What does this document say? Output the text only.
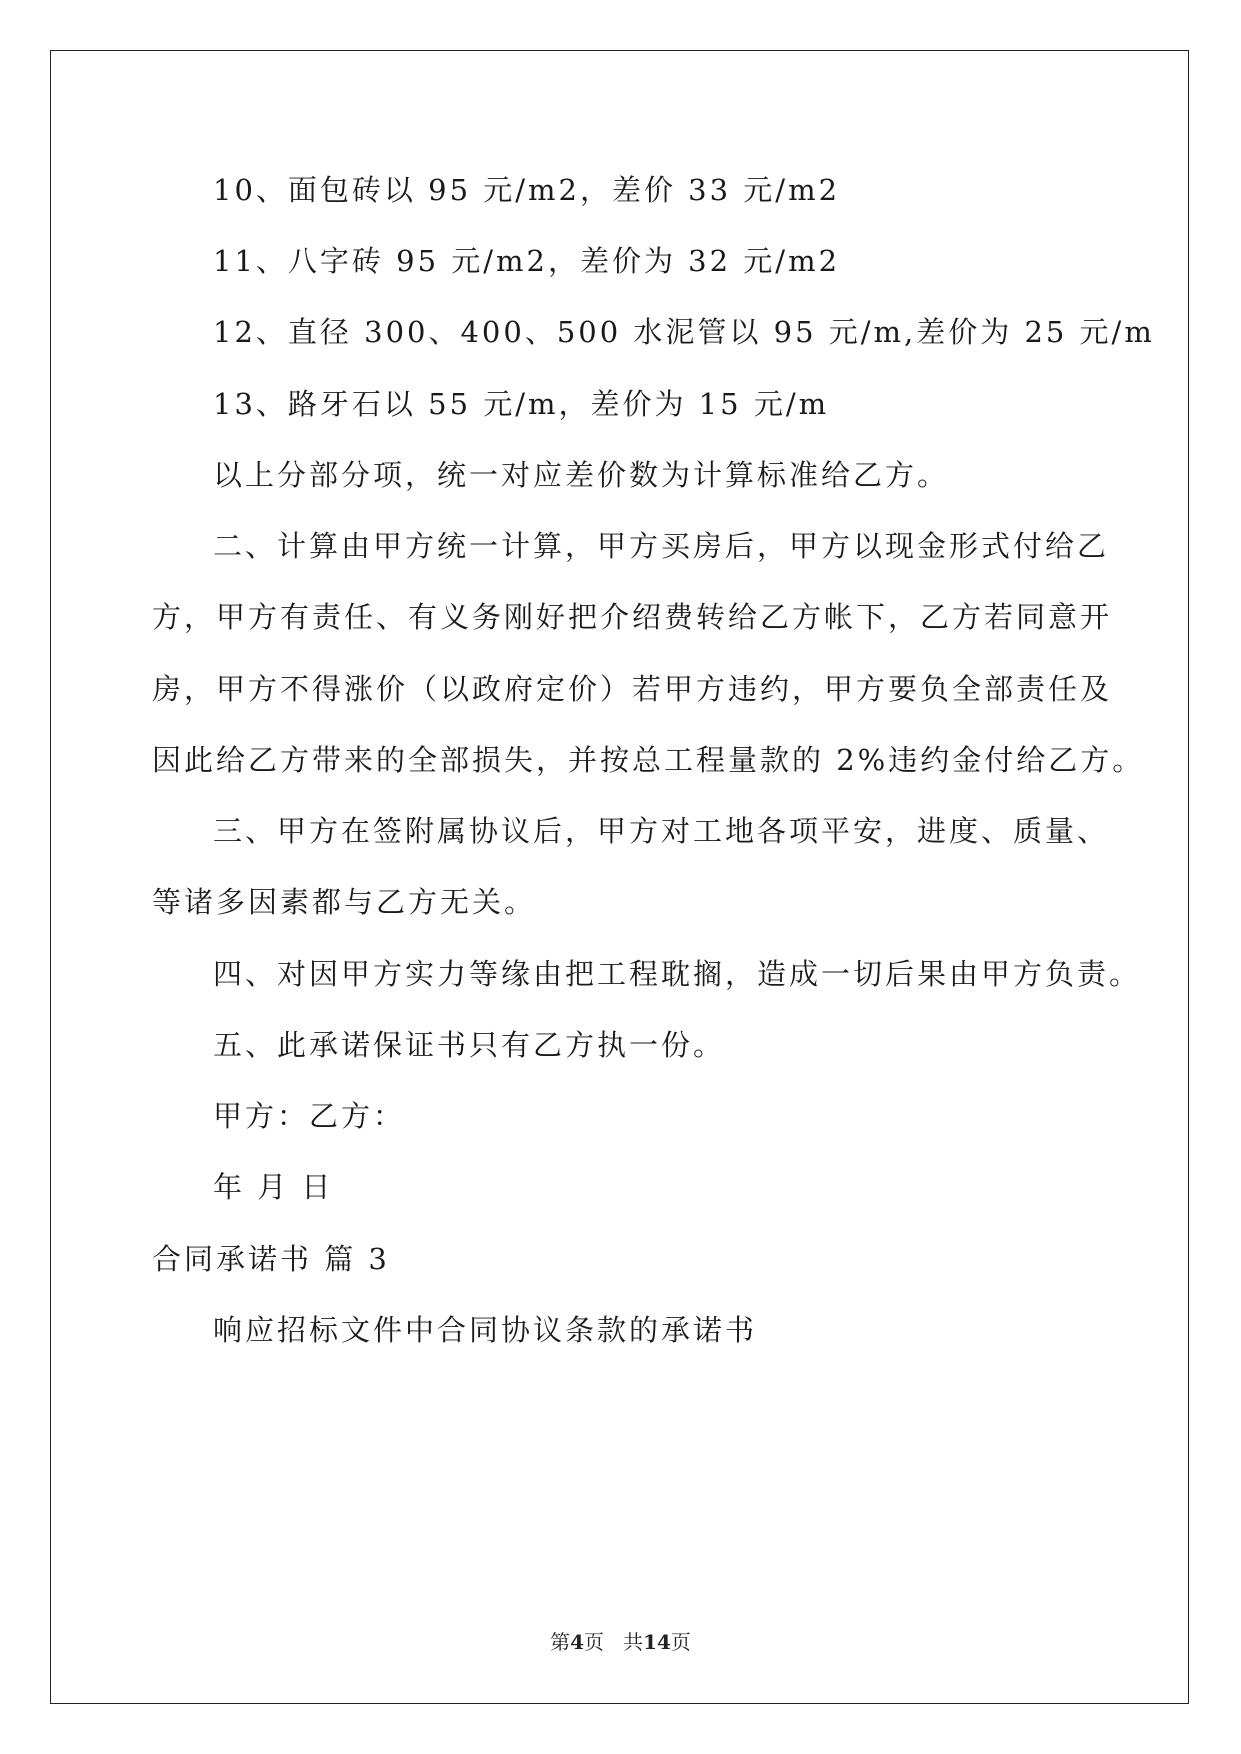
10、面包砖以 95 元/m2，差价 33 元/m2
11、八字砖 95 元/m2，差价为 32 元/m2
12、直径 300、400、500 水泥管以 95 元/m,差价为 25 元/m
13、路牙石以 55 元/m，差价为 15 元/m
以上分部分项，统一对应差价数为计算标准给乙方。
二、计算由甲方统一计算，甲方买房后，甲方以现金形式付给乙
方，甲方有责任、有义务刚好把介绍费转给乙方帐下，乙方若同意开
房，甲方不得涨价（以政府定价）若甲方违约，甲方要负全部责任及
因此给乙方带来的全部损失，并按总工程量款的 2%违约金付给乙方。
三、甲方在签附属协议后，甲方对工地各项平安，进度、质量、
等诸多因素都与乙方无关。
四、对因甲方实力等缘由把工程耽搁，造成一切后果由甲方负责。
五、此承诺保证书只有乙方执一份。
甲方：乙方：
年 月 日
合同承诺书 篇 3
响应招标文件中合同协议条款的承诺书
第4页 共14页
